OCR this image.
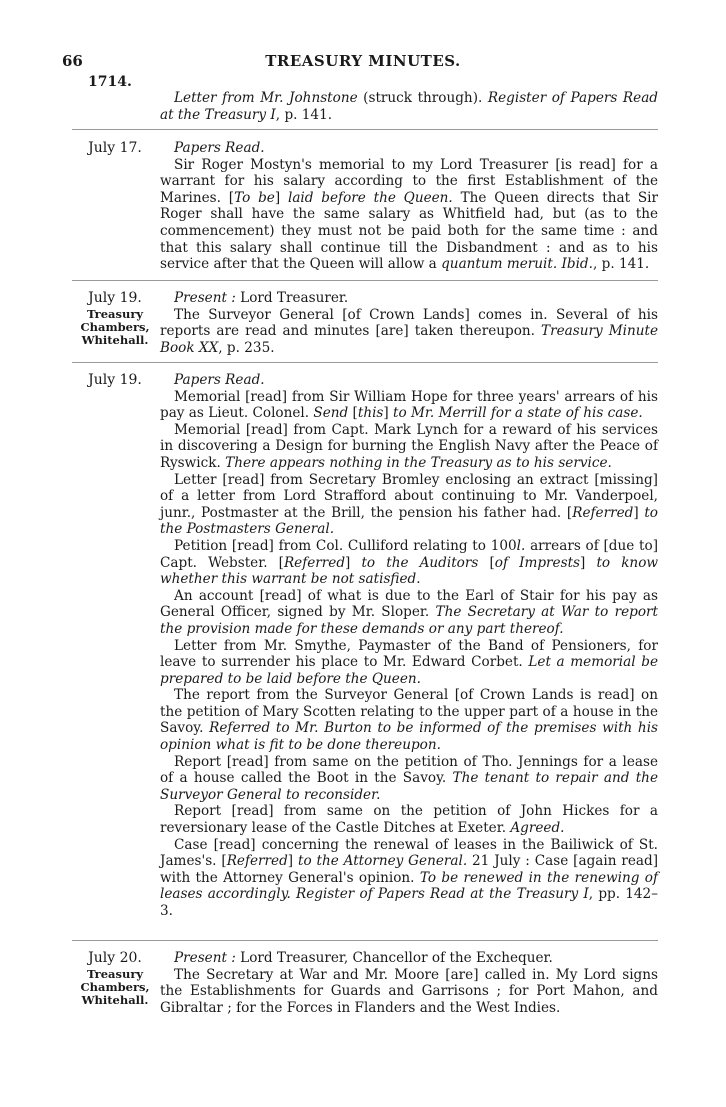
66	TREASURY MINUTES.
1714.

Letter from Mr. Johnstone (struck through). Register of Papers Read at the Treasury I, p. 141.

July 17.	Papers Read.

Sir Roger Mostyn's memorial to my Lord Treasurer [is read] for a warrant for his salary according to the first Establishment of the Marines. [To be] laid before the Queen. The Queen directs that Sir Roger shall have the same salary as Whitfield had, but (as to the commencement) they must not be paid both for the same time : and that this salary shall continue till the Disbandment : and as to his service after that the Queen will allow a quantum meruit. Ibid., p. 141.

July 19.
Treasury Chambers, Whitehall.

Present : Lord Treasurer.

The Surveyor General [of Crown Lands] comes in. Several of his reports are read and minutes [are] taken thereupon. Treasury Minute Book XX, p. 235.

July 19.	Papers Read.

Memorial [read] from Sir William Hope for three years' arrears of his pay as Lieut. Colonel. Send [this] to Mr. Merrill for a state of his case.

Memorial [read] from Capt. Mark Lynch for a reward of his services in discovering a Design for burning the English Navy after the Peace of Ryswick. There appears nothing in the Treasury as to his service.

Letter [read] from Secretary Bromley enclosing an extract [missing] of a letter from Lord Strafford about continuing to Mr. Vanderpoel, junr., Postmaster at the Brill, the pension his father had. [Referred] to the Postmasters General.

Petition [read] from Col. Culliford relating to 100l. arrears of [due to] Capt. Webster. [Referred] to the Auditors [of Imprests] to know whether this warrant be not satisfied.

An account [read] of what is due to the Earl of Stair for his pay as General Officer, signed by Mr. Sloper. The Secretary at War to report the provision made for these demands or any part thereof.

Letter from Mr. Smythe, Paymaster of the Band of Pensioners, for leave to surrender his place to Mr. Edward Corbet. Let a memorial be prepared to be laid before the Queen.

The report from the Surveyor General [of Crown Lands is read] on the petition of Mary Scotten relating to the upper part of a house in the Savoy. Referred to Mr. Burton to be informed of the premises with his opinion what is fit to be done thereupon.

Report [read] from same on the petition of Tho. Jennings for a lease of a house called the Boot in the Savoy. The tenant to repair and the Surveyor General to reconsider.

Report [read] from same on the petition of John Hickes for a reversionary lease of the Castle Ditches at Exeter. Agreed.

Case [read] concerning the renewal of leases in the Bailiwick of St. James's. [Referred] to the Attorney General. 21 July : Case [again read] with the Attorney General's opinion. To be renewed in the renewing of leases accordingly. Register of Papers Read at the Treasury I, pp. 142–3.

July 20.
Treasury Chambers, Whitehall.

Present : Lord Treasurer, Chancellor of the Exchequer.

The Secretary at War and Mr. Moore [are] called in. My Lord signs the Establishments for Guards and Garrisons ; for Port Mahon, and Gibraltar ; for the Forces in Flanders and the West Indies.
